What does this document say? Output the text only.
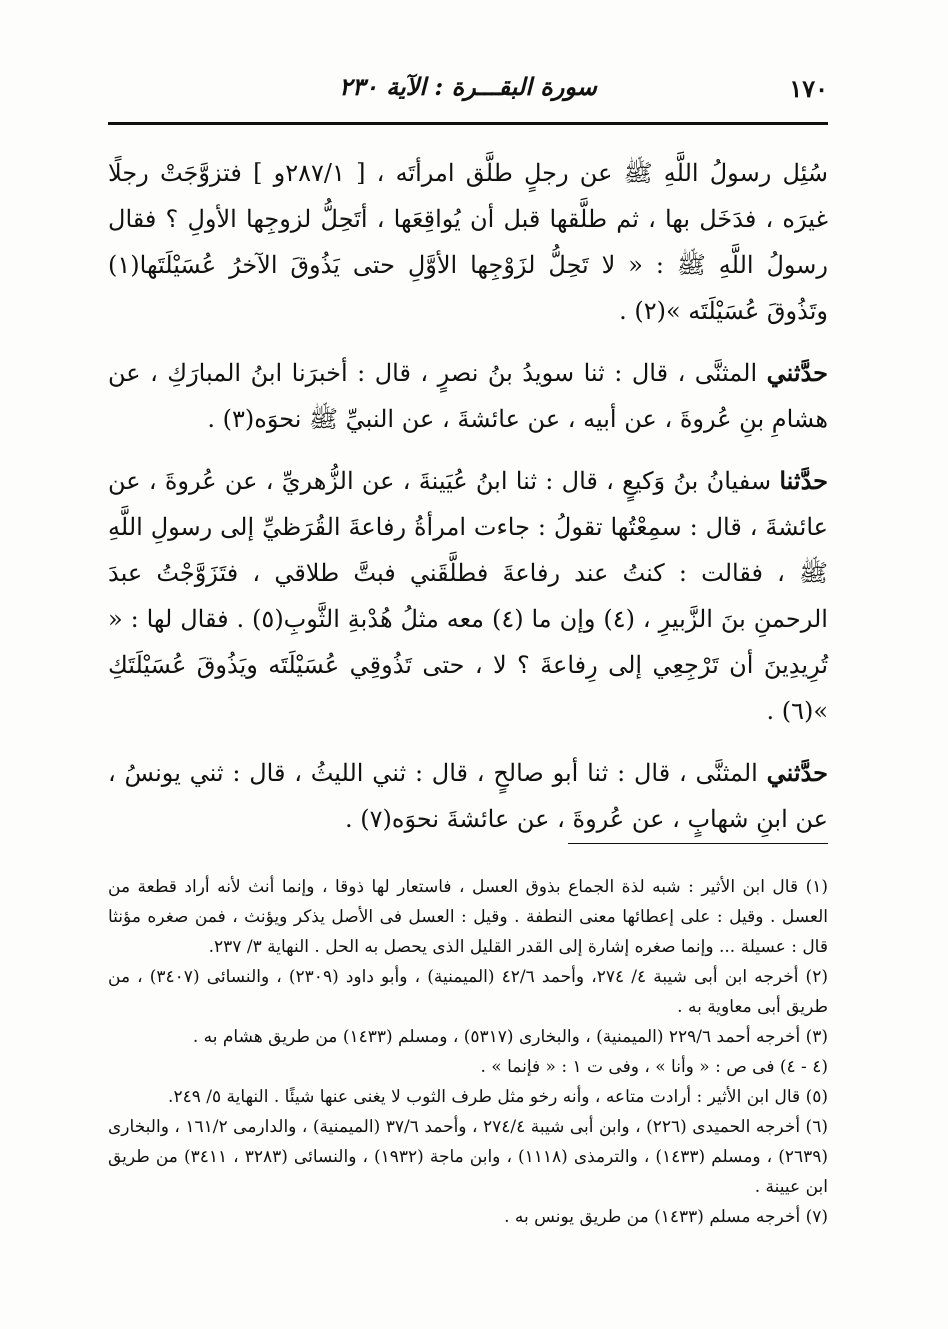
١٧٠
سورة البقـــرة : الآية ٢٣٠

سُئِل رسولُ اللَّهِ ﷺ عن رجلٍ طلَّق امرأتَه ، [ ٢٨٧/١و ] فتزوَّجَتْ رجلًا غيرَه ، فدَخَل بها ، ثم طلَّقها قبل أن يُواقِعَها ، أتَحِلُّ لزوجِها الأولِ ؟ فقال رسولُ اللَّهِ ﷺ : « لا تَحِلُّ لزَوْجِها الأوَّلِ حتى يَذُوقَ الآخرُ عُسَيْلَتَها(١) وتَذُوقَ عُسَيْلَتَه »(٢) .

حدَّثني المثنَّى ، قال : ثنا سويدُ بنُ نصرٍ ، قال : أخبرَنا ابنُ المبارَكِ ، عن هشامِ بنِ عُروةَ ، عن أبيه ، عن عائشةَ ، عن النبيِّ ﷺ نحوَه(٣) .

حدَّثنا سفيانُ بنُ وَكيعٍ ، قال : ثنا ابنُ عُيَينةَ ، عن الزُّهريِّ ، عن عُروةَ ، عن عائشةَ ، قال : سمِعْتُها تقولُ : جاءت امرأةُ رفاعةَ القُرَظيِّ إلى رسولِ اللَّهِ ﷺ ، فقالت : كنتُ عند رفاعةَ فطلَّقَني فبتَّ طلاقي ، فتَزَوَّجْتُ عبدَ الرحمنِ بنَ الزَّبيرِ ، (٤) وإن ما (٤) معه مثلُ هُدْبةِ الثَّوبِ(٥) . فقال لها : « تُرِيدِينَ أن تَرْجِعِي إلى رِفاعةَ ؟ لا ، حتى تَذُوقِي عُسَيْلَتَه ويَذُوقَ عُسَيْلَتَكِ »(٦) .

حدَّثني المثنَّى ، قال : ثنا أبو صالحٍ ، قال : ثني الليثُ ، قال : ثني يونسُ ، عن ابنِ شهابٍ ، عن عُروةَ ، عن عائشةَ نحوَه(٧) .

(١) قال ابن الأثير : شبه لذة الجماع بذوق العسل ، فاستعار لها ذوقا ، وإنما أنث لأنه أراد قطعة من العسل . وقيل : على إعطائها معنى النطفة . وقيل : العسل فى الأصل يذكر ويؤنث ، فمن صغره مؤنثا قال : عسيلة ... وإنما صغره إشارة إلى القدر القليل الذى يحصل به الحل . النهاية ٣/ ٢٣٧.

(٢) أخرجه ابن أبى شيبة ٤/ ٢٧٤، وأحمد ٤٢/٦ (الميمنية) ، وأبو داود (٢٣٠٩) ، والنسائى (٣٤٠٧) ، من طريق أبى معاوية به .

(٣) أخرجه أحمد ٢٢٩/٦ (الميمنية) ، والبخارى (٥٣١٧) ، ومسلم (١٤٣٣) من طريق هشام به .

(٤ - ٤) فى ص : « وأنا » ، وفى ت ١ : « فإنما » .

(٥) قال ابن الأثير : أرادت متاعه ، وأنه رخو مثل طرف الثوب لا يغنى عنها شيئًا . النهاية ٥/ ٢٤٩.

(٦) أخرجه الحميدى (٢٢٦) ، وابن أبى شيبة ٢٧٤/٤ ، وأحمد ٣٧/٦ (الميمنية) ، والدارمى ١٦١/٢ ، والبخارى (٢٦٣٩) ، ومسلم (١٤٣٣) ، والترمذى (١١١٨) ، وابن ماجة (١٩٣٢) ، والنسائى (٣٢٨٣ ، ٣٤١١) من طريق ابن عيينة .

(٧) أخرجه مسلم (١٤٣٣) من طريق يونس به .
